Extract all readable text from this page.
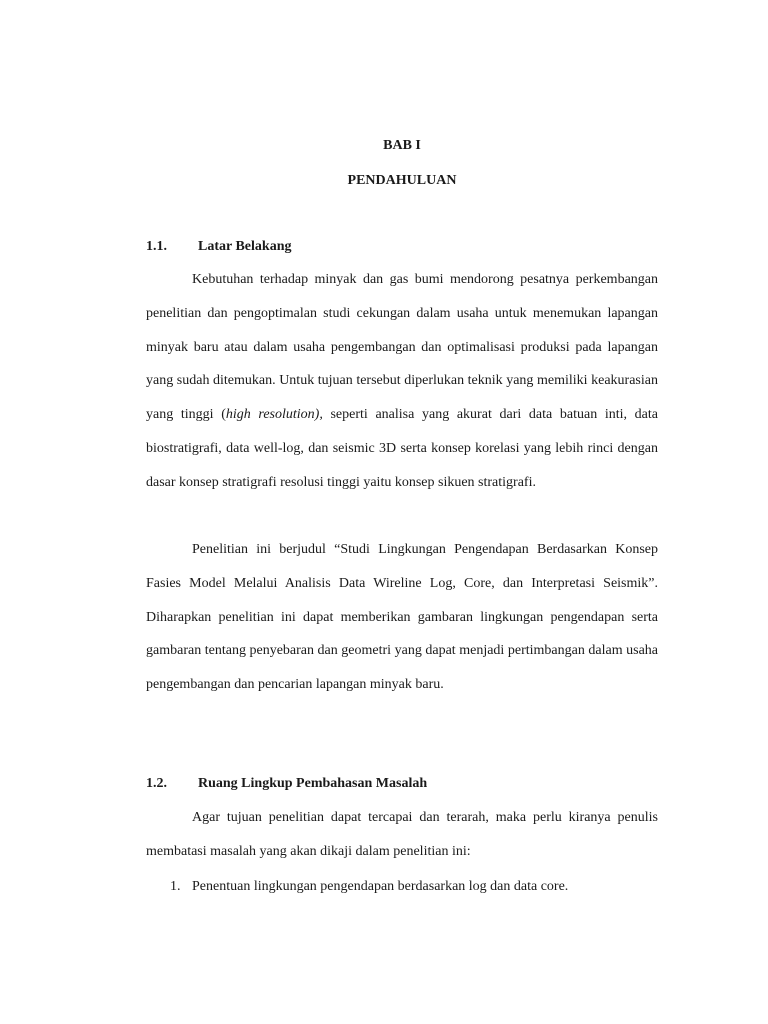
BAB I
PENDAHULUAN
1.1. Latar Belakang

Kebutuhan terhadap minyak dan gas bumi mendorong pesatnya perkembangan penelitian dan pengoptimalan studi cekungan dalam usaha untuk menemukan lapangan minyak baru atau dalam usaha pengembangan dan optimalisasi produksi pada lapangan yang sudah ditemukan. Untuk tujuan tersebut diperlukan teknik yang memiliki keakurasian yang tinggi (high resolution), seperti analisa yang akurat dari data batuan inti, data biostratigrafi, data well-log, dan seismic 3D serta konsep korelasi yang lebih rinci dengan dasar konsep stratigrafi resolusi tinggi yaitu konsep sikuen stratigrafi.

Penelitian ini berjudul “Studi Lingkungan Pengendapan Berdasarkan Konsep Fasies Model Melalui Analisis Data Wireline Log, Core, dan Interpretasi Seismik”. Diharapkan penelitian ini dapat memberikan gambaran lingkungan pengendapan serta gambaran tentang penyebaran dan geometri yang dapat menjadi pertimbangan dalam usaha pengembangan dan pencarian lapangan minyak baru.

1.2. Ruang Lingkup Pembahasan Masalah

Agar tujuan penelitian dapat tercapai dan terarah, maka perlu kiranya penulis membatasi masalah yang akan dikaji dalam penelitian ini:

1. Penentuan lingkungan pengendapan berdasarkan log dan data core.
